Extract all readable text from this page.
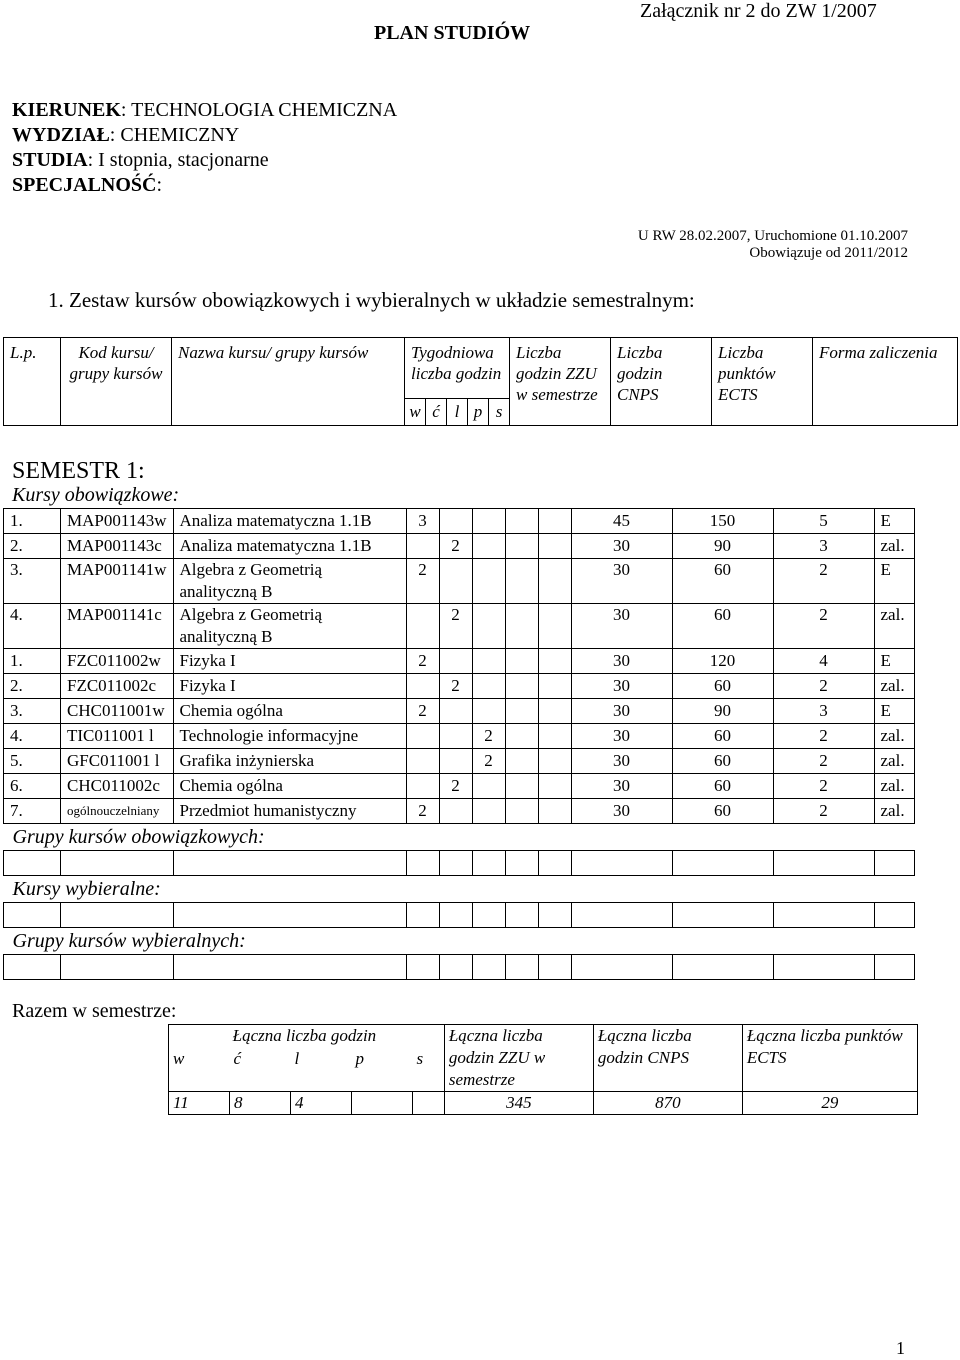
PLAN STUDIÓW
Załącznik nr 2 do ZW 1/2007
KIERUNEK: TECHNOLOGIA CHEMICZNA
WYDZIAŁ: CHEMICZNY
STUDIA: I stopnia, stacjonarne
SPECJALNOŚĆ:
U RW 28.02.2007, Uruchomione 01.10.2007
Obowiązuje od 2011/2012
1. Zestaw kursów obowiązkowych i wybieralnych w układzie semestralnym:
L.p.	Kod kursu/ grupy kursów	Nazwa kursu/ grupy kursów	Tygodniowa liczba godzin					Liczba godzin ZZU w semestrze	Liczba godzin CNPS	Liczba punktów ECTS	Forma zaliczenia
			w	ć	l	p	s				
SEMESTR 1:
Kursy obowiązkowe:
1.	MAP001143w	Analiza matematyczna 1.1B	3					45	150	5	E
2.	MAP001143c	Analiza matematyczna 1.1B		2				30	90	3	zal.
3.	MAP001141w	Algebra z Geometrią analityczną B	2					30	60	2	E
4.	MAP001141c	Algebra z Geometrią analityczną B		2				30	60	2	zal.
1.	FZC011002w	Fizyka I	2					30	120	4	E
2.	FZC011002c	Fizyka I		2				30	60	2	zal.
3.	CHC011001w	Chemia ogólna	2					30	90	3	E
4.	TIC011001 l	Technologie informacyjne			2			30	60	2	zal.
5.	GFC011001 l	Grafika inżynierska			2			30	60	2	zal.
6.	CHC011002c	Chemia ogólna		2				30	60	2	zal.
7.	ogólnouczelniany	Przedmiot humanistyczny	2					30	60	2	zal.
Grupy kursów obowiązkowych:											

Kursy wybieralne:											

Grupy kursów wybieralnych:											

Razem w semestrze:
Łączna liczba godzin					Łączna liczba godzin ZZU w semestrze	Łączna liczba godzin CNPS	Łączna liczba punktów ECTS
w	ć	l	p	s			
11	8	4			345	870	29
1
